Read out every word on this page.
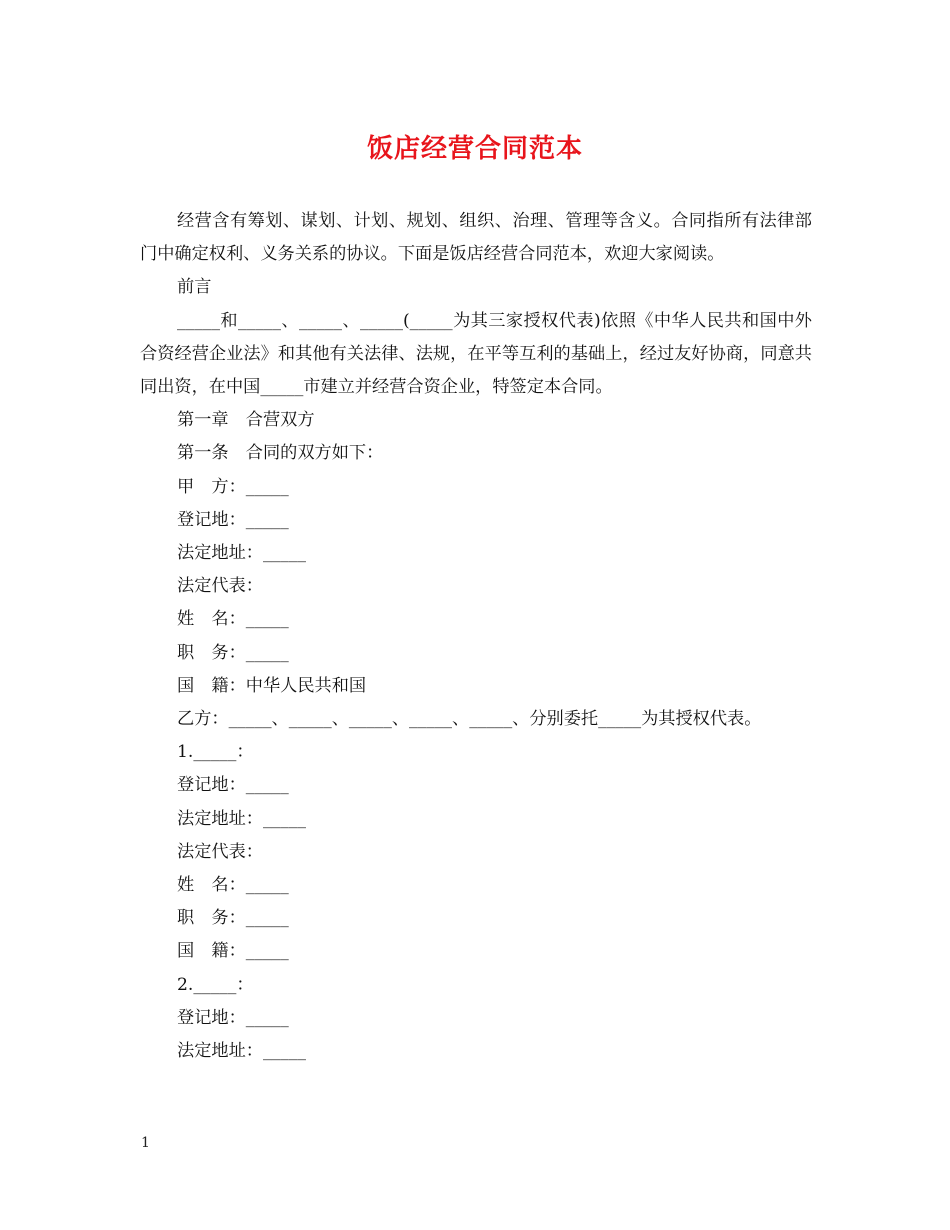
饭店经营合同范本

经营含有筹划、谋划、计划、规划、组织、治理、管理等含义。合同指所有法律部门中确定权利、义务关系的协议。下面是饭店经营合同范本，欢迎大家阅读。

前言

_____和_____、_____、_____(_____为其三家授权代表)依照《中华人民共和国中外合资经营企业法》和其他有关法律、法规，在平等互利的基础上，经过友好协商，同意共同出资，在中国_____市建立并经营合资企业，特签定本合同。

第一章　合营双方

第一条　合同的双方如下：

甲　方：_____

登记地：_____

法定地址：_____

法定代表：

姓　名：_____

职　务：_____

国　籍：中华人民共和国

乙方：_____、_____、_____、_____、_____、分别委托_____为其授权代表。

1._____：

登记地：_____

法定地址：_____

法定代表：

姓　名：_____

职　务：_____

国　籍：_____

2._____：

登记地：_____

法定地址：_____

1
